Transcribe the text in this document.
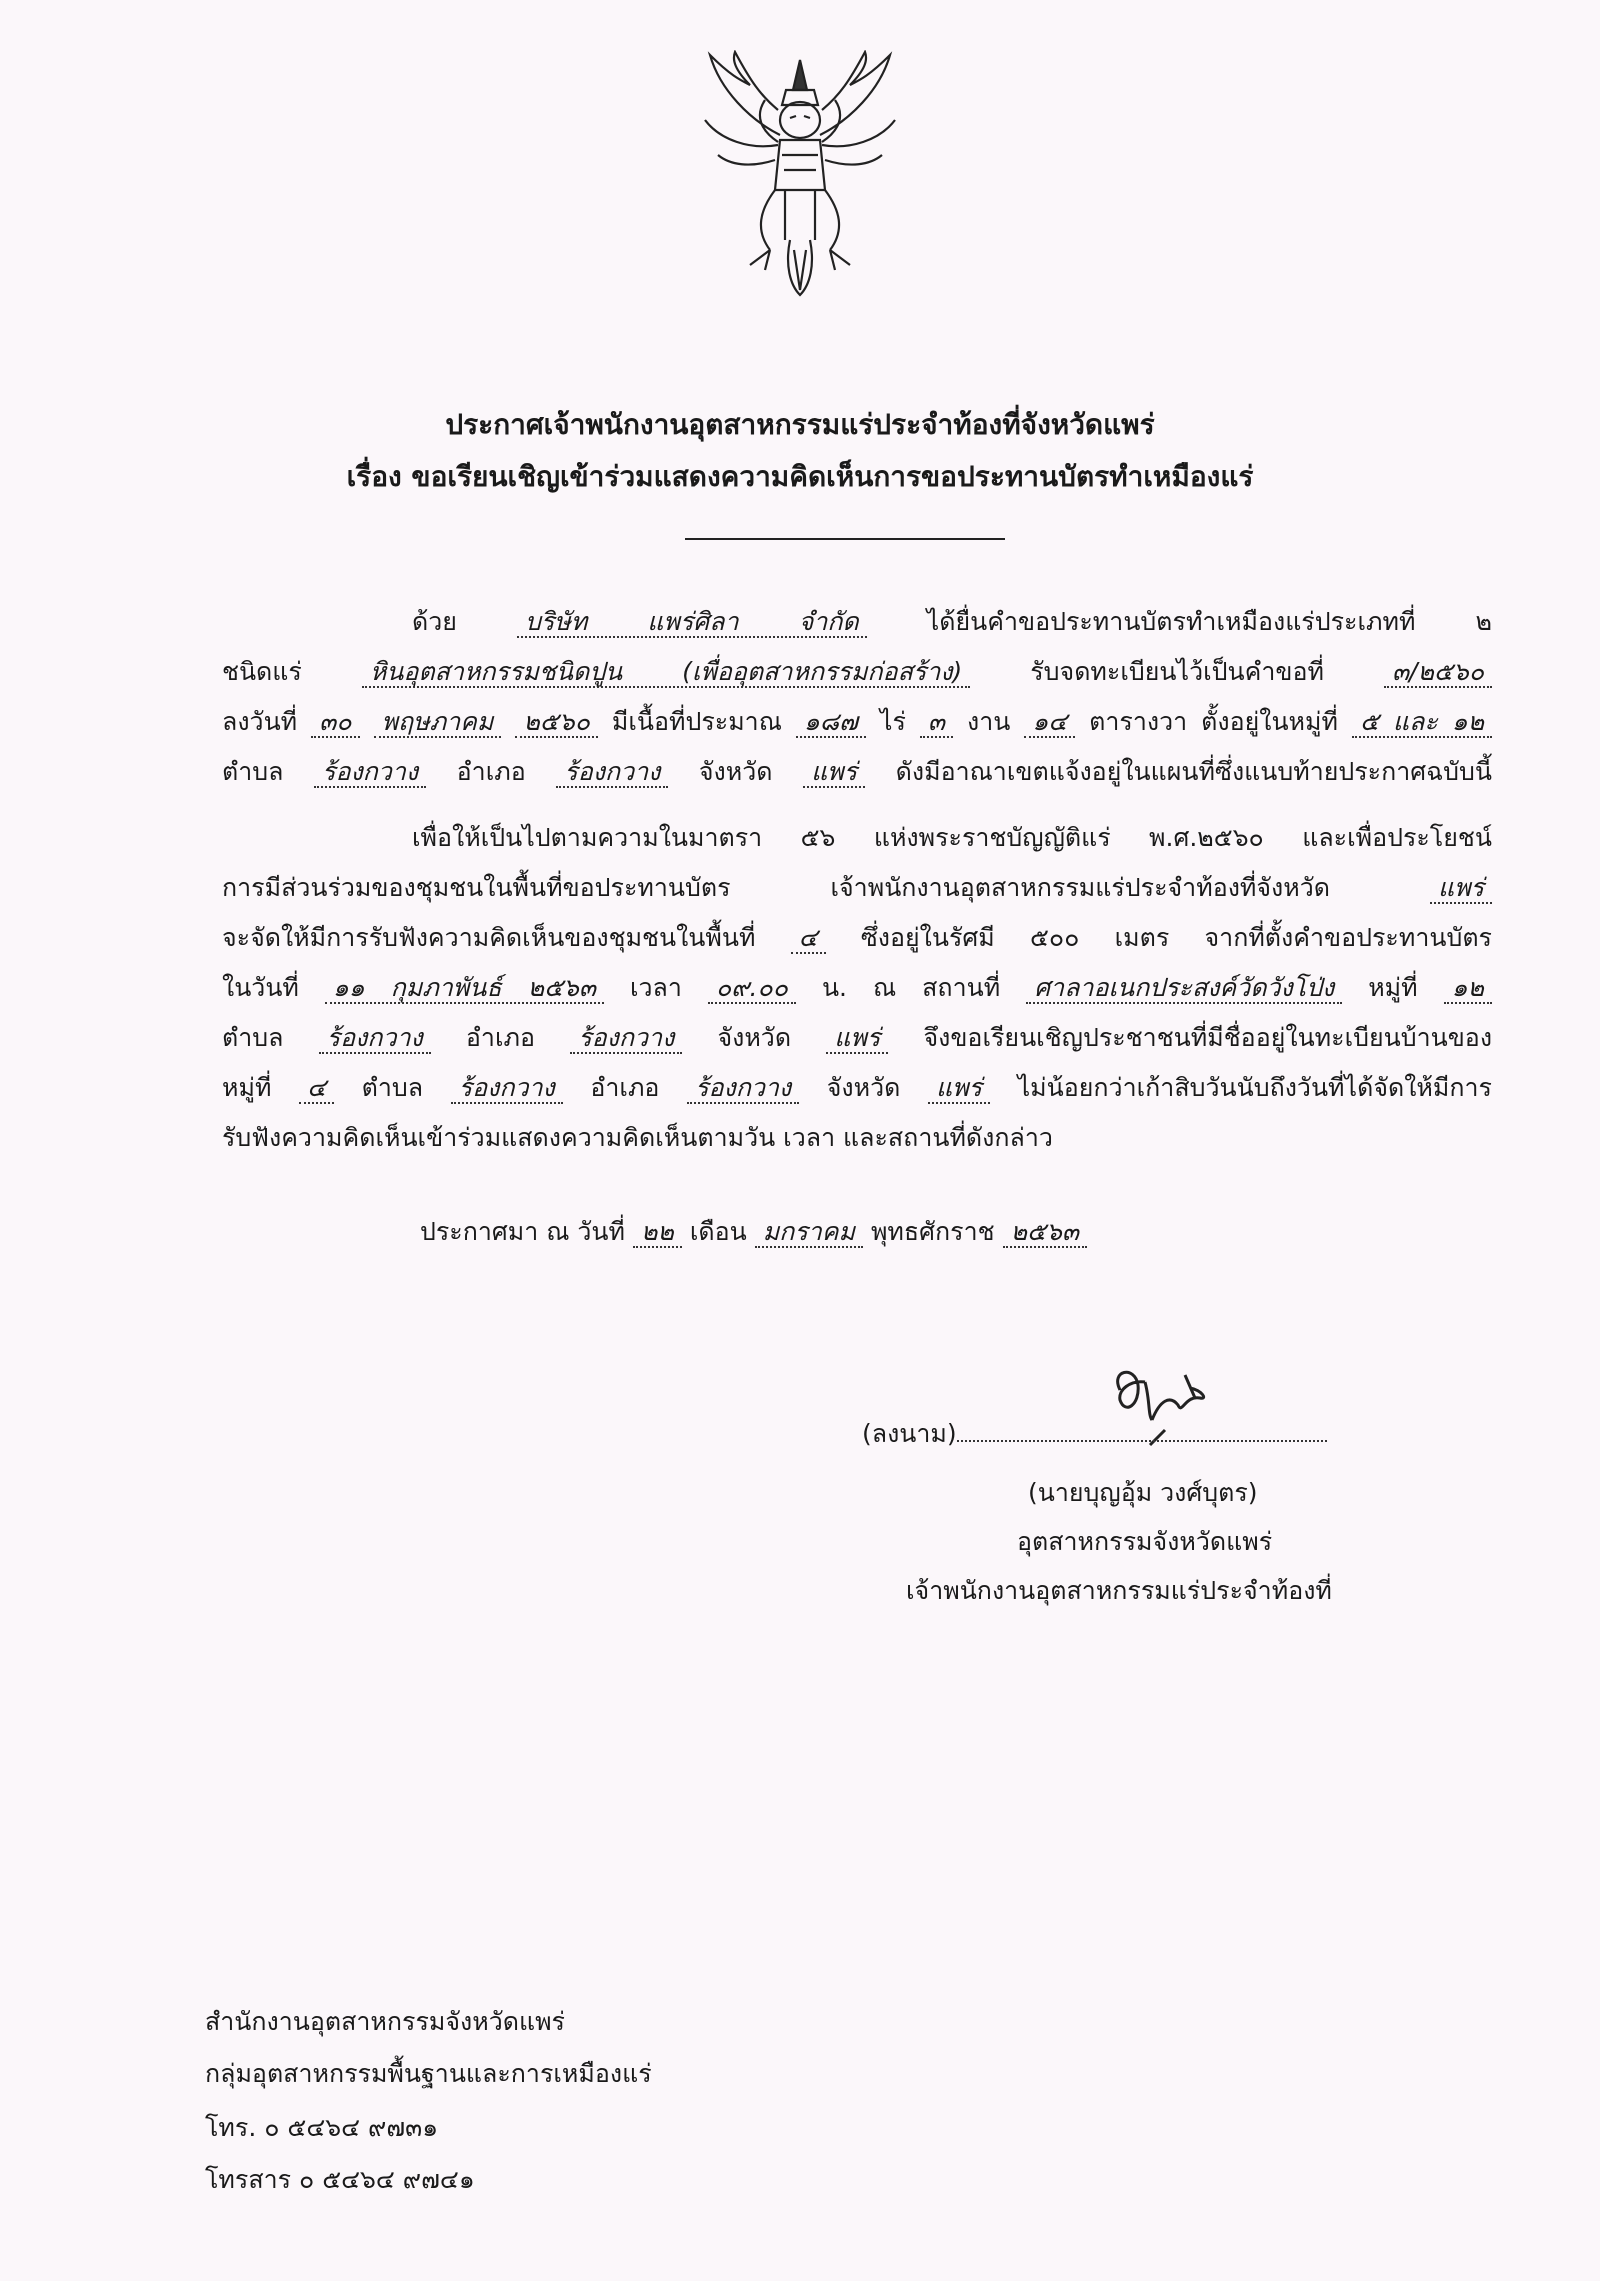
ประกาศเจ้าพนักงานอุตสาหกรรมแร่ประจำท้องที่จังหวัดแพร่
เรื่อง ขอเรียนเชิญเข้าร่วมแสดงความคิดเห็นการขอประทานบัตรทำเหมืองแร่
ด้วย	บริษัท แพร่ศิลา จำกัด	ได้ยื่นคำขอประทานบัตรทำเหมืองแร่ประเภทที่ ๒
ชนิดแร่	หินอุตสาหกรรมชนิดปูน (เพื่ออุตสาหกรรมก่อสร้าง)	รับจดทะเบียนไว้เป็นคำขอที่	๓/๒๕๖๐
ลงวันที่ ๓๐ พฤษภาคม ๒๕๖๐ มีเนื้อที่ประมาณ ๑๘๗ ไร่ ๓ งาน ๑๔ ตารางวา ตั้งอยู่ในหมู่ที่ ๕ และ ๑๒
ตำบล ร้องกวาง อำเภอ ร้องกวาง จังหวัด แพร่ ดังมีอาณาเขตแจ้งอยู่ในแผนที่ซึ่งแนบท้ายประกาศฉบับนี้
เพื่อให้เป็นไปตามความในมาตรา ๕๖ แห่งพระราชบัญญัติแร่ พ.ศ.๒๕๖๐ และเพื่อประโยชน์
การมีส่วนร่วมของชุมชนในพื้นที่ขอประทานบัตร เจ้าพนักงานอุตสาหกรรมแร่ประจำท้องที่จังหวัด	แพร่
จะจัดให้มีการรับฟังความคิดเห็นของชุมชนในพื้นที่ ๔ ซึ่งอยู่ในรัศมี ๕๐๐ เมตร จากที่ตั้งคำขอประทานบัตร
ในวันที่ ๑๑ กุมภาพันธ์ ๒๕๖๓ เวลา ๐๙.๐๐ น. ณ สถานที่ ศาลาอเนกประสงค์วัดวังโป่ง หมู่ที่ ๑๒
ตำบล ร้องกวาง อำเภอ ร้องกวาง จังหวัด แพร่ จึงขอเรียนเชิญประชาชนที่มีชื่ออยู่ในทะเบียนบ้านของ
หมู่ที่ ๔ ตำบล ร้องกวาง อำเภอ ร้องกวาง จังหวัด แพร่ ไม่น้อยกว่าเก้าสิบวันนับถึงวันที่ได้จัดให้มีการ
รับฟังความคิดเห็นเข้าร่วมแสดงความคิดเห็นตามวัน เวลา และสถานที่ดังกล่าว
ประกาศมา ณ วันที่ ๒๒ เดือน มกราคม พุทธศักราช ๒๕๖๓
(ลงนาม)
(นายบุญอุ้ม วงศ์บุตร)
อุตสาหกรรมจังหวัดแพร่
เจ้าพนักงานอุตสาหกรรมแร่ประจำท้องที่
สำนักงานอุตสาหกรรมจังหวัดแพร่
กลุ่มอุตสาหกรรมพื้นฐานและการเหมืองแร่
โทร. ๐ ๕๔๖๔ ๙๗๓๑
โทรสาร ๐ ๕๔๖๔ ๙๗๔๑
